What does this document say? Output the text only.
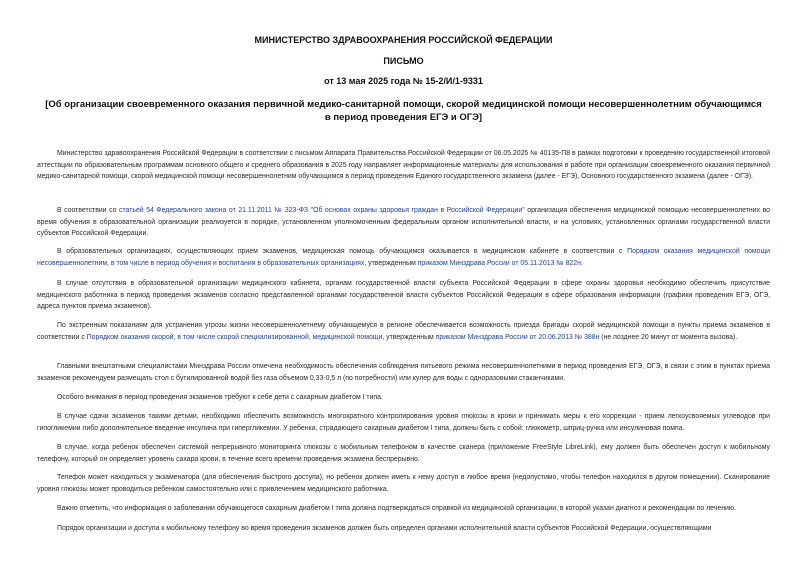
МИНИСТЕРСТВО ЗДРАВООХРАНЕНИЯ РОССИЙСКОЙ ФЕДЕРАЦИИ
ПИСЬМО
от 13 мая 2025 года № 15-2/И/1-9331
[Об организации своевременного оказания первичной медико-санитарной помощи, скорой медицинской помощи несовершеннолетним обучающимся в период проведения ЕГЭ и ОГЭ]

Министерство здравоохранения Российской Федерации в соответствии с письмом Аппарата Правительства Российской Федерации от 06.05.2025 № 40135-П8 в рамках подготовки к проведению государственной итоговой аттестации по образовательным программам основного общего и среднего образования в 2025 году направляет информационные материалы для использования в работе при организации своевременного оказания первичной медико-санитарной помощи, скорой медицинской помощи несовершеннолетним обучающимся в период проведения Единого государственного экзамена (далее - ЕГЭ), Основного государственного экзамена (далее - ОГЭ).

В соответствии со статьей 54 Федерального закона от 21.11.2011 № 323-ФЗ "Об основах охраны здоровья граждан в Российской Федерации" организация обеспечения медицинской помощью несовершеннолетних во время обучения в образовательной организации реализуется в порядке, установленном уполномоченным федеральным органом исполнительной власти, и на условиях, установленных органами государственной власти субъектов Российской Федерации.

В образовательных организациях, осуществляющих прием экзаменов, медицинская помощь обучающимся оказывается в медицинском кабинете в соответствии с Порядком оказания медицинской помощи несовершеннолетним, в том числе в период обучения и воспитания в образовательных организациях, утвержденным приказом Минздрава России от 05.11.2013 № 822н.

В случае отсутствия в образовательной организации медицинского кабинета, органам государственной власти субъекта Российской Федерации в сфере охраны здоровья необходимо обеспечить присутствие медицинского работника в период проведения экзаменов согласно представленной органами государственной власти субъектов Российской Федерации в сфере образования информации (графики проведения ЕГЭ, ОГЭ, адреса пунктов приема экзаменов).

По экстренным показаниям для устранения угрозы жизни несовершеннолетнему обучающемуся в регионе обеспечивается возможность приезда бригады скорой медицинской помощи в пункты приема экзаменов в соответствии с Порядком оказания скорой, в том числе скорой специализированной, медицинской помощи, утвержденным приказом Минздрава России от 20.06.2013 № 388н (не позднее 20 минут от момента вызова).

Главными внештатными специалистами Минздрава России отмечена необходимость обеспечения соблюдения питьевого режима несовершеннолетними в период проведения ЕГЭ, ОГЭ, в связи с этим в пунктах приема экзаменов рекомендуем размещать стол с бутилированной водой без газа объемом 0,33-0,5 л (по потребности) или кулер для воды с одноразовыми стаканчиками.

Особого внимания в период проведения экзаменов требуют к себе дети с сахарным диабетом I типа.

В случае сдачи экзаменов такими детьми, необходимо обеспечить возможность многократного контролирования уровня глюкозы в крови и принимать меры к его коррекции - прием легкоусвояемых углеводов при гипогликемии либо дополнительное введение инсулина при гипергликемии. У ребенка, страдающего сахарным диабетом I типа, должны быть с собой: глюкометр, шприц-ручка или инсулиновая помпа.

В случае, когда ребенок обеспечен системой непрерывного мониторинга глюкозы с мобильным телефоном в качестве сканера (приложение FreeStyle LibreLink), ему должен быть обеспечен доступ к мобильному телефону, который он определяет уровень сахара крови, в течение всего времени проведения экзамена беспрерывно.

Телефон может находиться у экзаменатора (для обеспечения быстрого доступа), но ребенок должен иметь к нему доступ в любое время (недопустимо, чтобы телефон находился в другом помещении). Сканирование уровня глюкозы может проводиться ребенком самостоятельно или с привлечением медицинского работника.

Важно отметить, что информация о заболевании обучающегося сахарным диабетом I типа должна подтверждаться справкой из медицинской организации, в которой указан диагноз и рекомендации по лечению.

Порядок организации и доступа к мобильному телефону во время проведения экзаменов должен быть определен органами исполнительной власти субъектов Российской Федерации, осуществляющими
